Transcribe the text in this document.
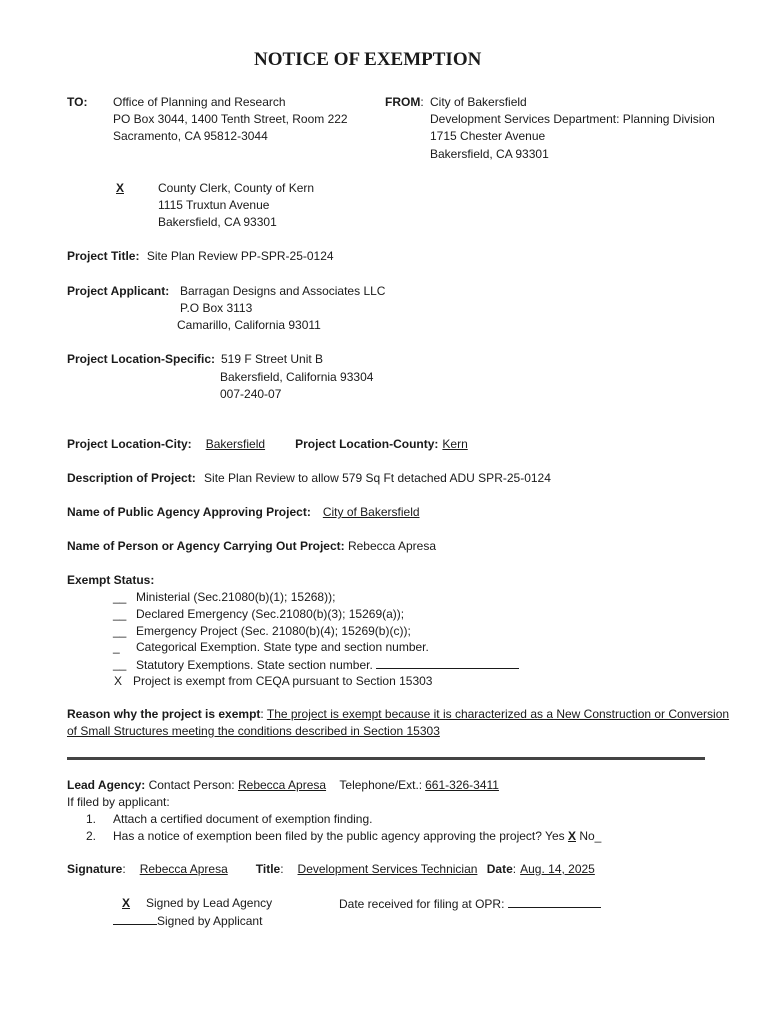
NOTICE OF EXEMPTION
TO: Office of Planning and Research
PO Box 3044, 1400 Tenth Street, Room 222
Sacramento, CA 95812-3044
FROM: City of Bakersfield
Development Services Department: Planning Division
1715 Chester Avenue
Bakersfield, CA 93301
X	County Clerk, County of Kern
1115 Truxtun Avenue
Bakersfield, CA 93301
Project Title: Site Plan Review PP-SPR-25-0124
Project Applicant: Barragan Designs and Associates LLC
P.O Box 3113
Camarillo, California 93011
Project Location-Specific: 519 F Street Unit B
Bakersfield, California 93304
007-240-07
Project Location-City: Bakersfield	Project Location-County: Kern
Description of Project: Site Plan Review to allow 579 Sq Ft detached ADU SPR-25-0124
Name of Public Agency Approving Project: City of Bakersfield
Name of Person or Agency Carrying Out Project: Rebecca Apresa
Exempt Status:
__ Ministerial (Sec.21080(b)(1); 15268));
__ Declared Emergency (Sec.21080(b)(3); 15269(a));
__ Emergency Project (Sec. 21080(b)(4); 15269(b)(c));
_ Categorical Exemption. State type and section number.
__ Statutory Exemptions. State section number.
X Project is exempt from CEQA pursuant to Section 15303
Reason why the project is exempt: The project is exempt because it is characterized as a New Construction or Conversion
of Small Structures meeting the conditions described in Section 15303
Lead Agency: Contact Person: Rebecca Apresa Telephone/Ext.: 661-326-3411
If filed by applicant:
1. Attach a certified document of exemption finding.
2. Has a notice of exemption been filed by the public agency approving the project? Yes X No_
Signature: Rebecca Apresa Title: Development Services Technician Date: Aug. 14, 2025
X Signed by Lead Agency	Date received for filing at OPR:
Signed by Applicant
